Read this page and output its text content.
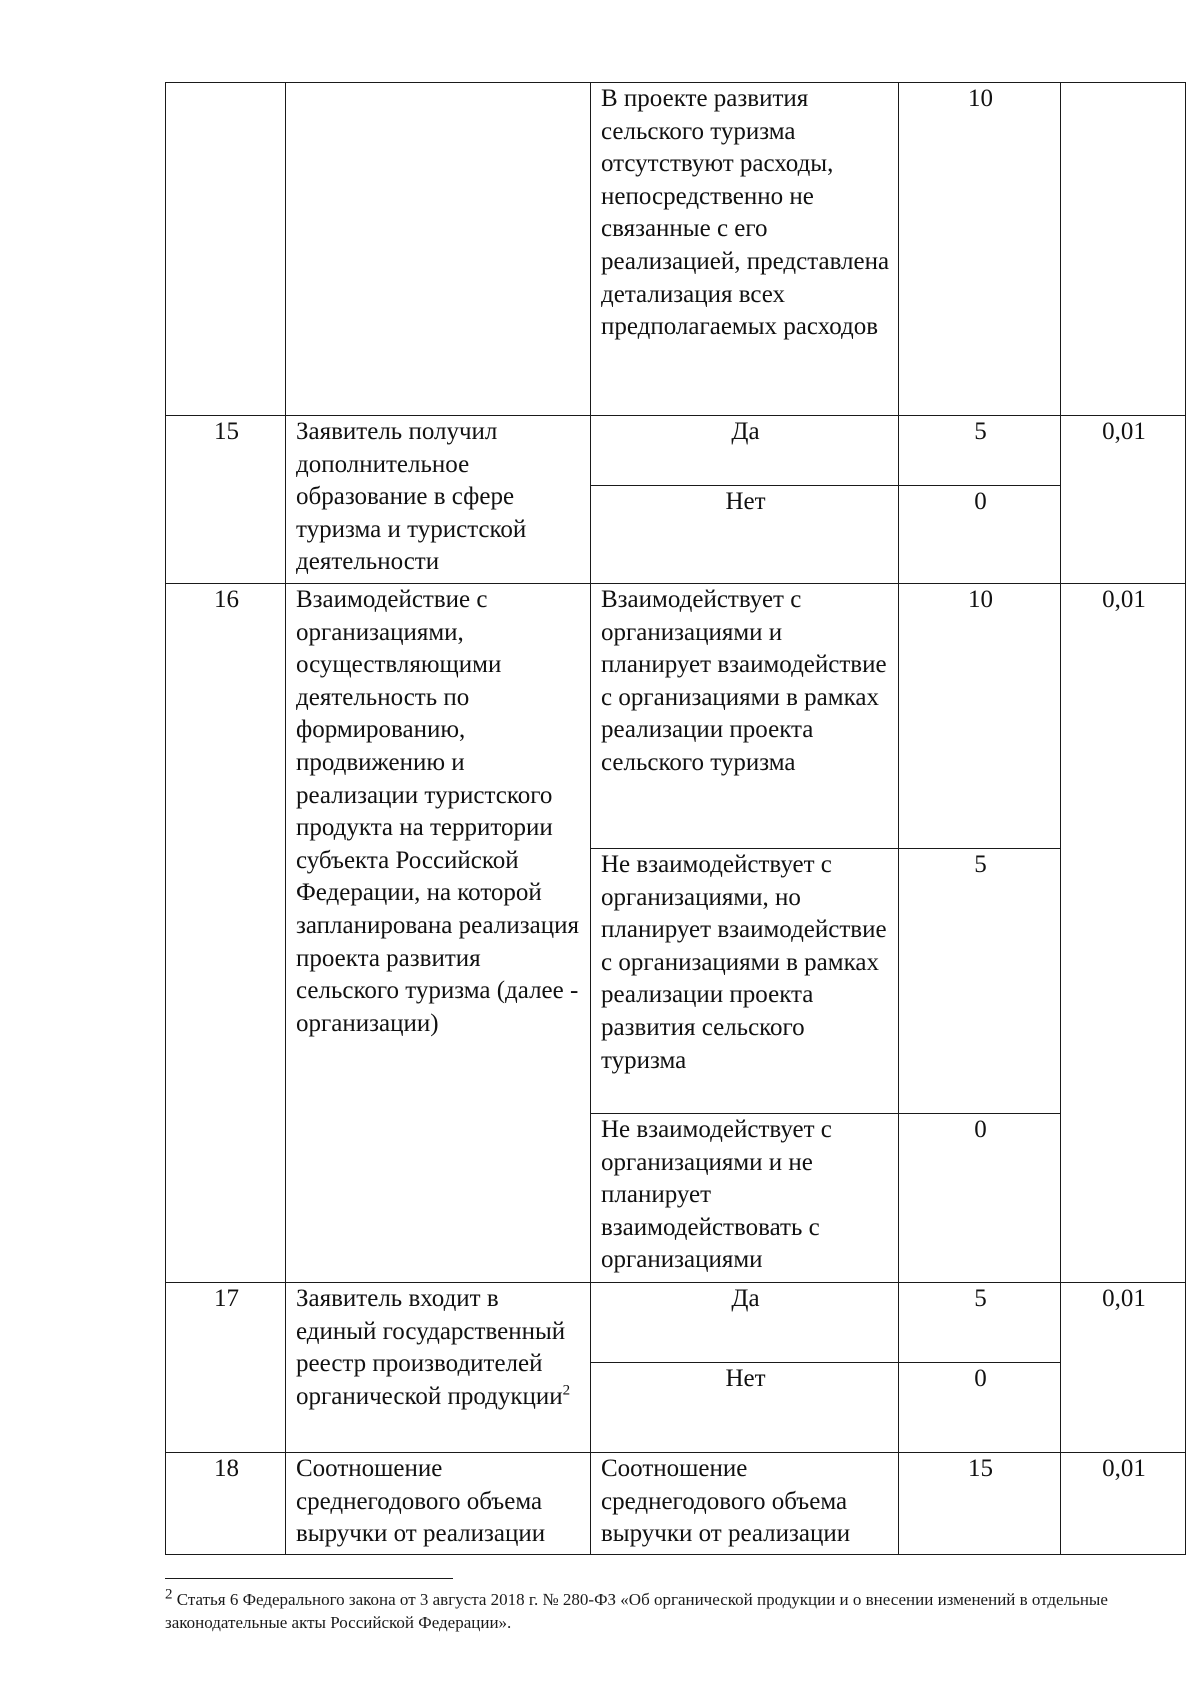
		В проекте развития сельского туризма отсутствуют расходы, непосредственно не связанные с его реализацией, представлена детализация всех предполагаемых расходов	10	
15	Заявитель получил дополнительное образование в сфере туризма и туристской деятельности	Да	5	0,01
		Нет	0	
16	Взаимодействие с организациями, осуществляющими деятельность по формированию, продвижению и реализации туристского продукта на территории субъекта Российской Федерации, на которой запланирована реализация проекта развития сельского туризма (далее - организации)	Взаимодействует с организациями и планирует взаимодействие с организациями в рамках реализации проекта сельского туризма	10	0,01
		Не взаимодействует с организациями, но планирует взаимодействие с организациями в рамках реализации проекта развития сельского туризма	5	
		Не взаимодействует с организациями и не планирует взаимодействовать с организациями	0	
17	Заявитель входит в единый государственный реестр производителей органической продукции$^2$	Да	5	0,01
		Нет	0	
18	Соотношение среднегодового объема выручки от реализации	Соотношение среднегодового объема выручки от реализации	15	0,01
$^2$ Статья 6 Федерального закона от 3 августа 2018 г. № 280-ФЗ «Об органической продукции и о внесении изменений в отдельные законодательные акты Российской Федерации».
